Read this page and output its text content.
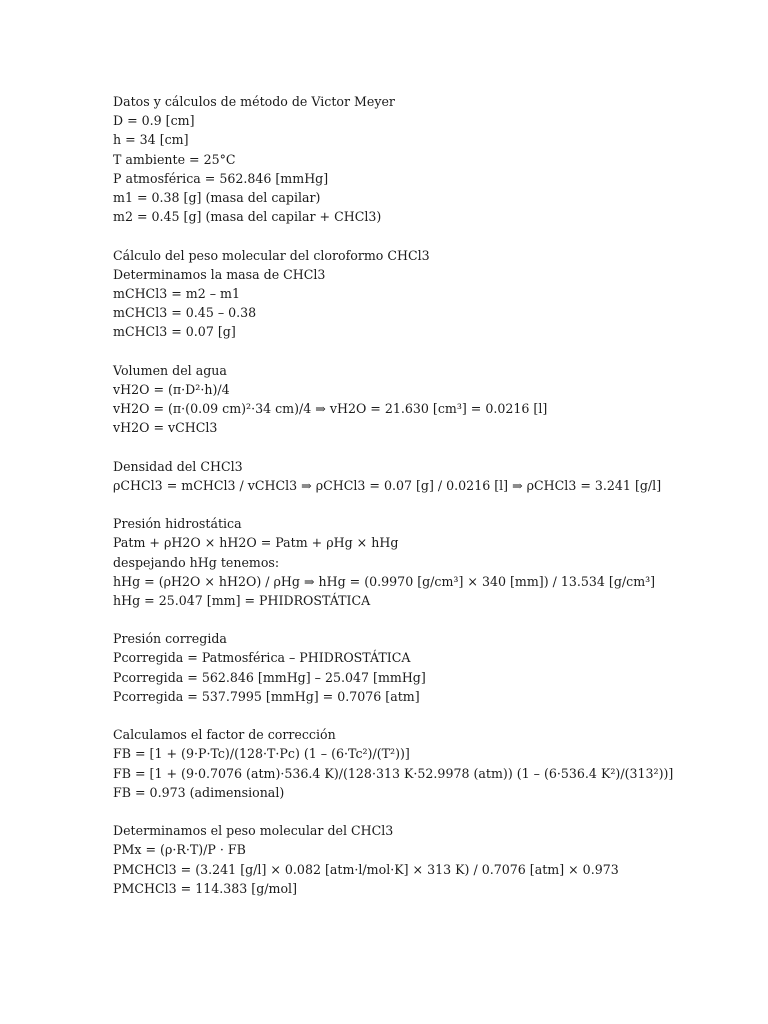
Datos y cálculos de método de Victor Meyer
D = 0.9 [cm]
h = 34 [cm]
T ambiente = 25°C
P atmosférica = 562.846 [mmHg]
m1 = 0.38 [g] (masa del capilar)
m2 = 0.45 [g] (masa del capilar + CHCl3)
Cálculo del peso molecular del cloroformo CHCl3
Determinamos la masa de CHCl3
mCHCl3 = m2 – m1
mCHCl3 = 0.45 – 0.38
mCHCl3 = 0.07 [g]
Volumen del agua
vH2O = (π·D²·h)/4
vH2O = (π·(0.09 cm)²·34 cm)/4 ⇒ vH2O = 21.630 [cm³] = 0.0216 [l]
vH2O = vCHCl3
Densidad del CHCl3
ρCHCl3 = mCHCl3 / vCHCl3 ⇒ ρCHCl3 = 0.07 [g] / 0.0216 [l] ⇒ ρCHCl3 = 3.241 [g/l]
Presión hidrostática
Patm + ρH2O × hH2O = Patm + ρHg × hHg
despejando hHg tenemos:
hHg = (ρH2O × hH2O) / ρHg ⇒ hHg = (0.9970 [g/cm³] × 340 [mm]) / 13.534 [g/cm³]
hHg = 25.047 [mm] = PHIDROSTÁTICA
Presión corregida
Pcorregida = Patmosférica – PHIDROSTÁTICA
Pcorregida = 562.846 [mmHg] – 25.047 [mmHg]
Pcorregida = 537.7995 [mmHg] = 0.7076 [atm]
Calculamos el factor de corrección
FB = [1 + (9·P·Tc)/(128·T·Pc) (1 – (6·Tc²)/(T²))]
FB = [1 + (9·0.7076 (atm)·536.4 K)/(128·313 K·52.9978 (atm)) (1 – (6·536.4 K²)/(313²))]
FB = 0.973 (adimensional)
Determinamos el peso molecular del CHCl3
PMx = (ρ·R·T)/P · FB
PMCHCl3 = (3.241 [g/l] × 0.082 [atm·l/mol·K] × 313 K) / 0.7076 [atm] × 0.973
PMCHCl3 = 114.383 [g/mol]
